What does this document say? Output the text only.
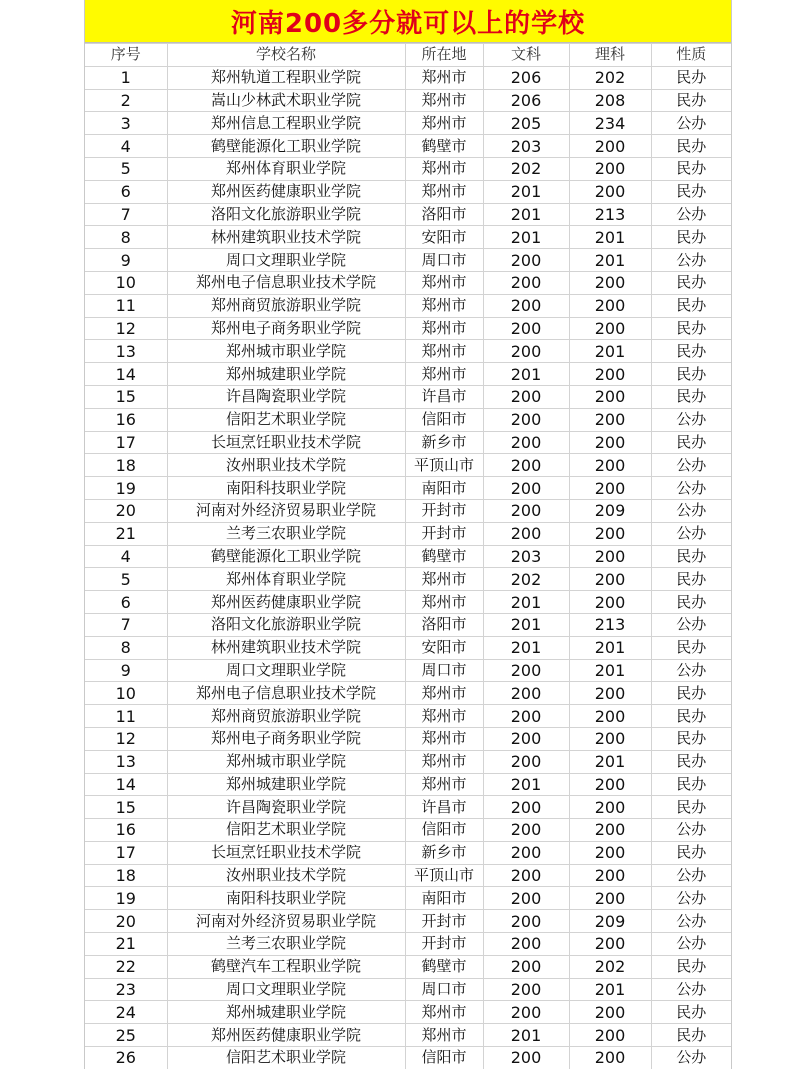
河南200多分就可以上的学校
序号	学校名称	所在地	文科	理科	性质
1	郑州轨道工程职业学院	郑州市	206	202	民办
2	嵩山少林武术职业学院	郑州市	206	208	民办
3	郑州信息工程职业学院	郑州市	205	234	公办
4	鹤壁能源化工职业学院	鹤壁市	203	200	民办
5	郑州体育职业学院	郑州市	202	200	民办
6	郑州医药健康职业学院	郑州市	201	200	民办
7	洛阳文化旅游职业学院	洛阳市	201	213	公办
8	林州建筑职业技术学院	安阳市	201	201	民办
9	周口文理职业学院	周口市	200	201	公办
10	郑州电子信息职业技术学院	郑州市	200	200	民办
11	郑州商贸旅游职业学院	郑州市	200	200	民办
12	郑州电子商务职业学院	郑州市	200	200	民办
13	郑州城市职业学院	郑州市	200	201	民办
14	郑州城建职业学院	郑州市	201	200	民办
15	许昌陶瓷职业学院	许昌市	200	200	民办
16	信阳艺术职业学院	信阳市	200	200	公办
17	长垣烹饪职业技术学院	新乡市	200	200	民办
18	汝州职业技术学院	平顶山市	200	200	公办
19	南阳科技职业学院	南阳市	200	200	公办
20	河南对外经济贸易职业学院	开封市	200	209	公办
21	兰考三农职业学院	开封市	200	200	公办
4	鹤壁能源化工职业学院	鹤壁市	203	200	民办
5	郑州体育职业学院	郑州市	202	200	民办
6	郑州医药健康职业学院	郑州市	201	200	民办
7	洛阳文化旅游职业学院	洛阳市	201	213	公办
8	林州建筑职业技术学院	安阳市	201	201	民办
9	周口文理职业学院	周口市	200	201	公办
10	郑州电子信息职业技术学院	郑州市	200	200	民办
11	郑州商贸旅游职业学院	郑州市	200	200	民办
12	郑州电子商务职业学院	郑州市	200	200	民办
13	郑州城市职业学院	郑州市	200	201	民办
14	郑州城建职业学院	郑州市	201	200	民办
15	许昌陶瓷职业学院	许昌市	200	200	民办
16	信阳艺术职业学院	信阳市	200	200	公办
17	长垣烹饪职业技术学院	新乡市	200	200	民办
18	汝州职业技术学院	平顶山市	200	200	公办
19	南阳科技职业学院	南阳市	200	200	公办
20	河南对外经济贸易职业学院	开封市	200	209	公办
21	兰考三农职业学院	开封市	200	200	公办
22	鹤壁汽车工程职业学院	鹤壁市	200	202	民办
23	周口文理职业学院	周口市	200	201	公办
24	郑州城建职业学院	郑州市	200	200	民办
25	郑州医药健康职业学院	郑州市	201	200	民办
26	信阳艺术职业学院	信阳市	200	200	公办
